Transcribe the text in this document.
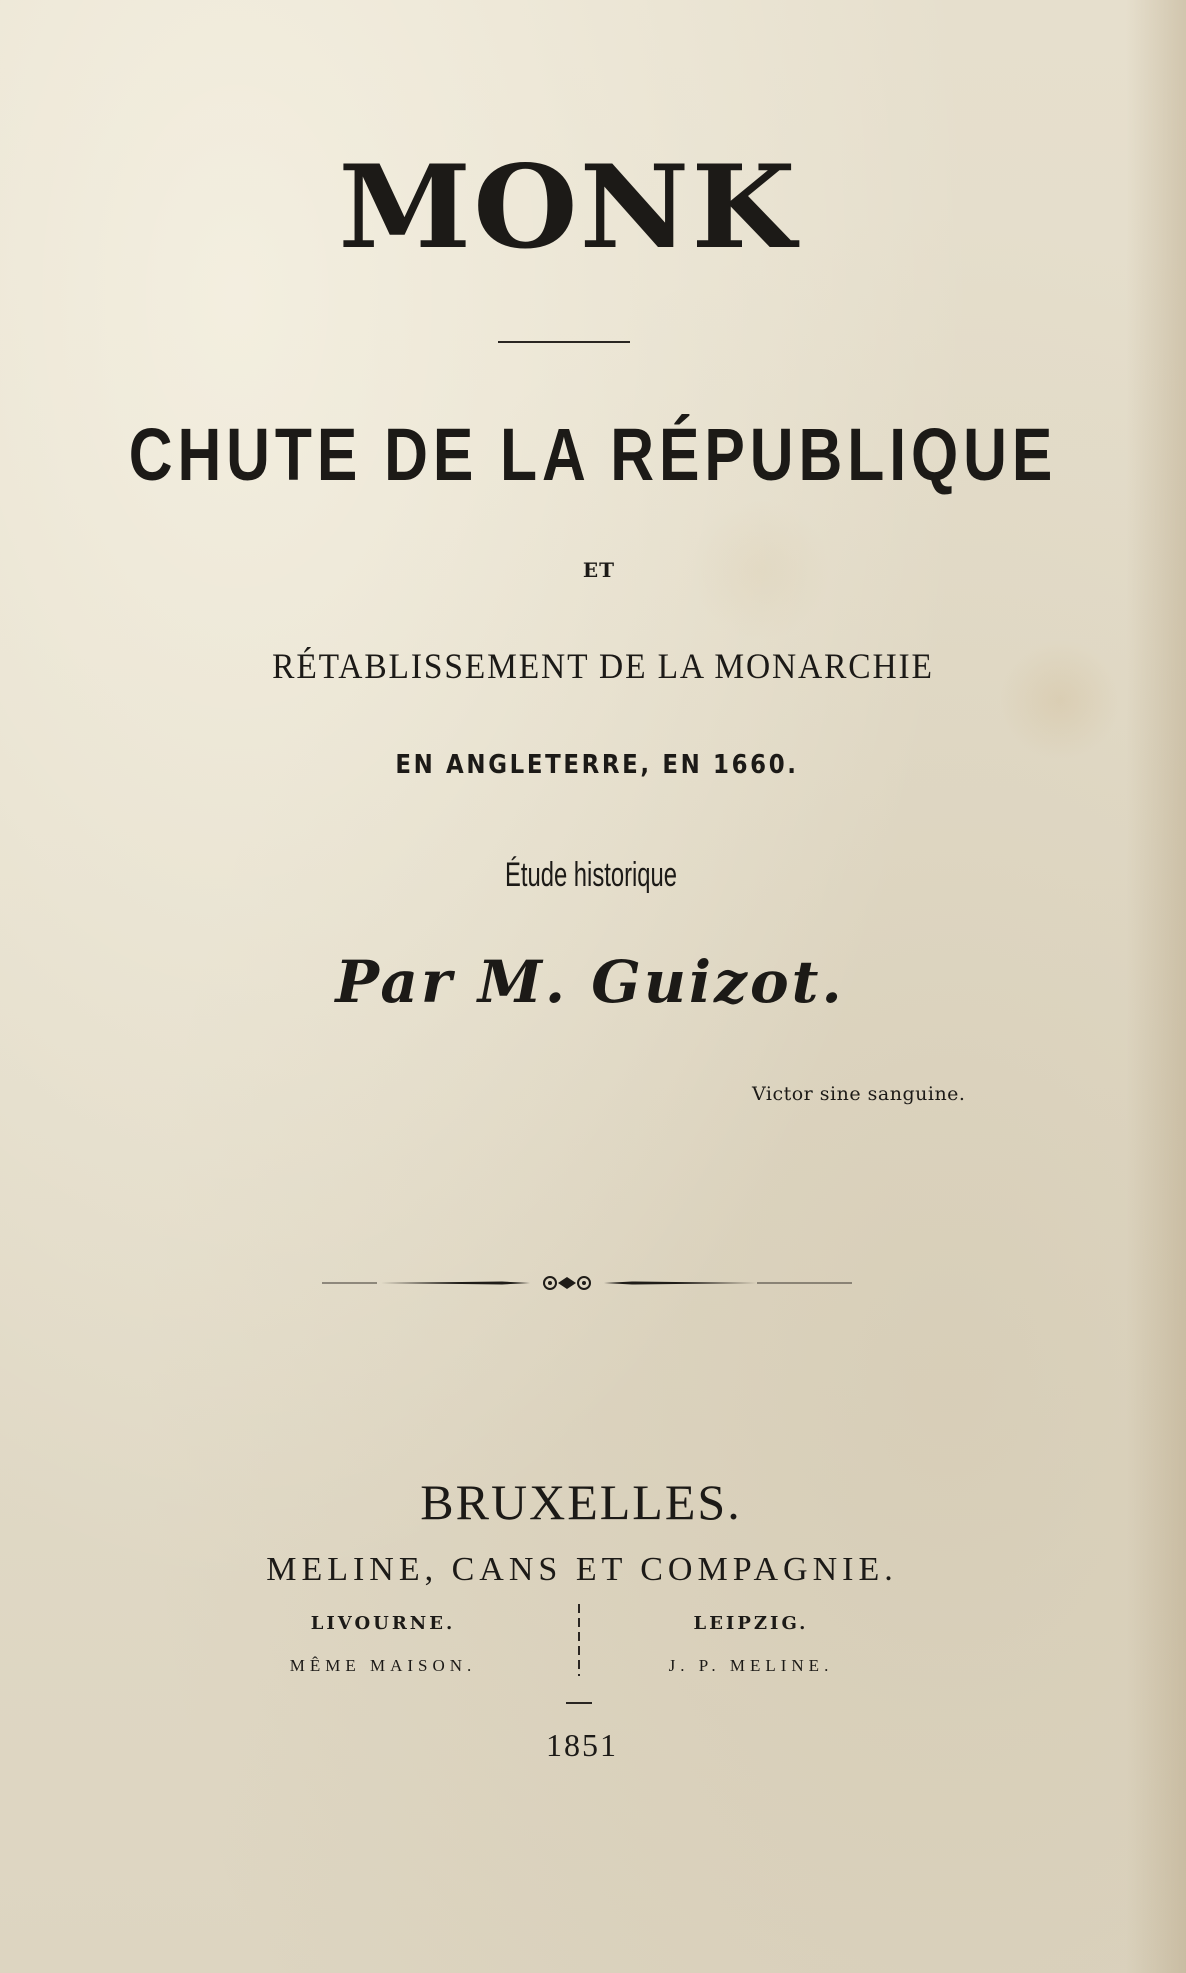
MONK
CHUTE DE LA RÉPUBLIQUE
ET
RÉTABLISSEMENT DE LA MONARCHIE
EN ANGLETERRE, EN 1660.
Étude historique
Par M. Guizot.
Victor sine sanguine.
BRUXELLES.
MELINE, CANS ET COMPAGNIE.
LIVOURNE.
MÊME MAISON.
LEIPZIG.
J. P. MELINE.
1851
